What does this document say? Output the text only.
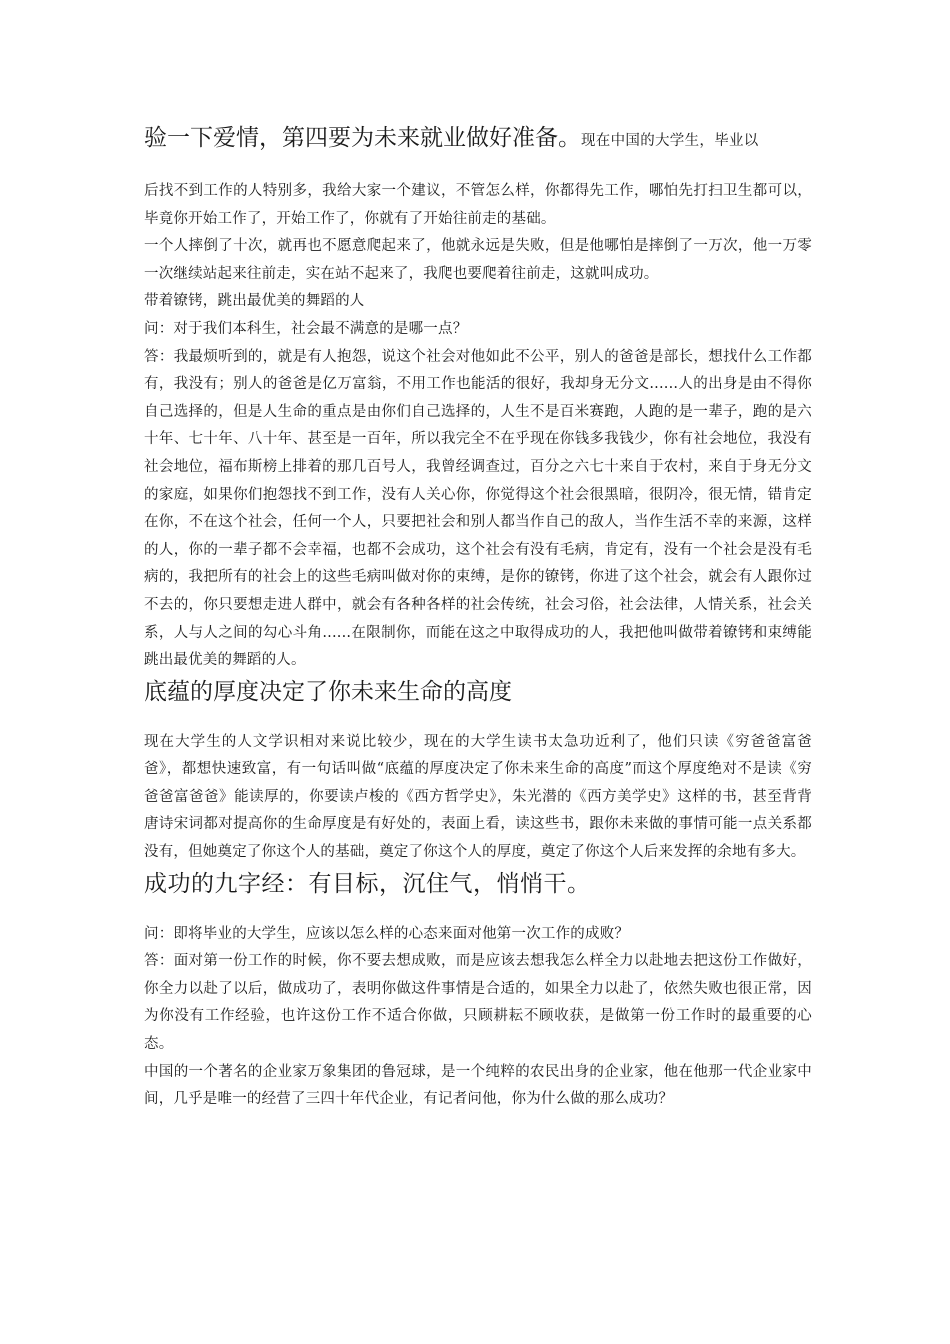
验一下爱情，第四要为未来就业做好准备。现在中国的大学生，毕业以

后找不到工作的人特别多，我给大家一个建议，不管怎么样，你都得先工作，哪怕先打扫卫生都可以，毕竟你开始工作了，开始工作了，你就有了开始往前走的基础。

一个人摔倒了十次，就再也不愿意爬起来了，他就永远是失败，但是他哪怕是摔倒了一万次，他一万零一次继续站起来往前走，实在站不起来了，我爬也要爬着往前走，这就叫成功。

带着镣铐，跳出最优美的舞蹈的人

问：对于我们本科生，社会最不满意的是哪一点？

答：我最烦听到的，就是有人抱怨，说这个社会对他如此不公平，别人的爸爸是部长，想找什么工作都有，我没有；别人的爸爸是亿万富翁，不用工作也能活的很好，我却身无分文......人的出身是由不得你自己选择的，但是人生命的重点是由你们自己选择的，人生不是百米赛跑，人跑的是一辈子，跑的是六十年、七十年、八十年、甚至是一百年，所以我完全不在乎现在你钱多我钱少，你有社会地位，我没有社会地位，福布斯榜上排着的那几百号人，我曾经调查过，百分之六七十来自于农村，来自于身无分文的家庭，如果你们抱怨找不到工作，没有人关心你，你觉得这个社会很黑暗，很阴冷，很无情，错肯定在你，不在这个社会，任何一个人，只要把社会和别人都当作自己的敌人，当作生活不幸的来源，这样的人，你的一辈子都不会幸福，也都不会成功，这个社会有没有毛病，肯定有，没有一个社会是没有毛病的，我把所有的社会上的这些毛病叫做对你的束缚，是你的镣铐，你进了这个社会，就会有人跟你过不去的，你只要想走进人群中，就会有各种各样的社会传统，社会习俗，社会法律，人情关系，社会关系，人与人之间的勾心斗角......在限制你，而能在这之中取得成功的人，我把他叫做带着镣铐和束缚能跳出最优美的舞蹈的人。

底蕴的厚度决定了你未来生命的高度

现在大学生的人文学识相对来说比较少，现在的大学生读书太急功近利了，他们只读《穷爸爸富爸爸》，都想快速致富，有一句话叫做“底蕴的厚度决定了你未来生命的高度”而这个厚度绝对不是读《穷爸爸富爸爸》能读厚的，你要读卢梭的《西方哲学史》，朱光潜的《西方美学史》这样的书，甚至背背唐诗宋词都对提高你的生命厚度是有好处的，表面上看，读这些书，跟你未来做的事情可能一点关系都没有，但她奠定了你这个人的基础，奠定了你这个人的厚度，奠定了你这个人后来发挥的余地有多大。

成功的九字经：有目标，沉住气，悄悄干。

问：即将毕业的大学生，应该以怎么样的心态来面对他第一次工作的成败？

答：面对第一份工作的时候，你不要去想成败，而是应该去想我怎么样全力以赴地去把这份工作做好，你全力以赴了以后，做成功了，表明你做这件事情是合适的，如果全力以赴了，依然失败也很正常，因为你没有工作经验，也许这份工作不适合你做，只顾耕耘不顾收获，是做第一份工作时的最重要的心态。

中国的一个著名的企业家万象集团的鲁冠球，是一个纯粹的农民出身的企业家，他在他那一代企业家中间，几乎是唯一的经营了三四十年代企业，有记者问他，你为什么做的那么成功？
